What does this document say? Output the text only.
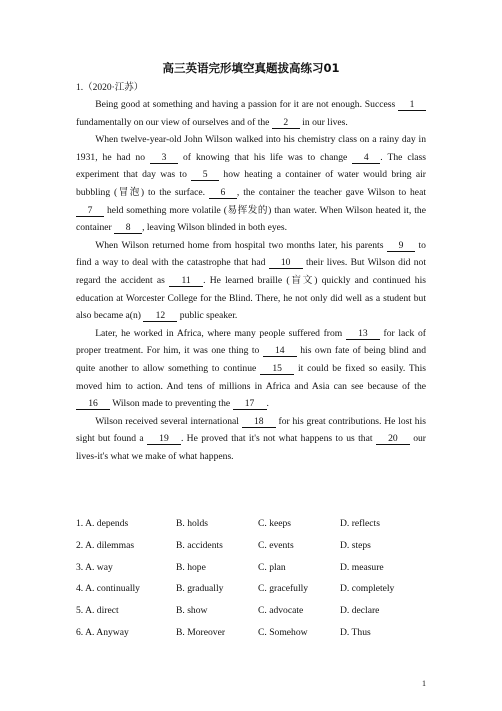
高三英语完形填空真题拔高练习01
1.（2020·江苏）

Being good at something and having a passion for it are not enough. Success 1 fundamentally on our view of ourselves and of the 2 in our lives.

When twelve-year-old John Wilson walked into his chemistry class on a rainy day in 1931, he had no 3 of knowing that his life was to change 4 . The class experiment that day was to 5 how heating a container of water would bring air bubbling (冒泡) to the surface. 6 , the container the teacher gave Wilson to heat 7 held something more volatile (易挥发的) than water. When Wilson heated it, the container 8 , leaving Wilson blinded in both eyes.

When Wilson returned home from hospital two months later, his parents 9 to find a way to deal with the catastrophe that had 10 their lives. But Wilson did not regard the accident as 11 . He learned braille (盲文) quickly and continued his education at Worcester College for the Blind. There, he not only did well as a student but also became a(n) 12 public speaker.

Later, he worked in Africa, where many people suffered from 13 for lack of proper treatment. For him, it was one thing to 14 his own fate of being blind and quite another to allow something to continue 15 it could be fixed so easily. This moved him to action. And tens of millions in Africa and Asia can see because of the 16 Wilson made to preventing the 17 .

Wilson received several international 18 for his great contributions. He lost his sight but found a 19 . He proved that it's not what happens to us that 20 our lives-it's what we make of what happens.

1. A. depends	B. holds	C. keeps	D. reflects
2. A. dilemmas	B. accidents	C. events	D. steps
3. A. way	B. hope	C. plan	D. measure
4. A. continually	B. gradually	C. gracefully	D. completely
5. A. direct	B. show	C. advocate	D. declare
6. A. Anyway	B. Moreover	C. Somehow	D. Thus
1
